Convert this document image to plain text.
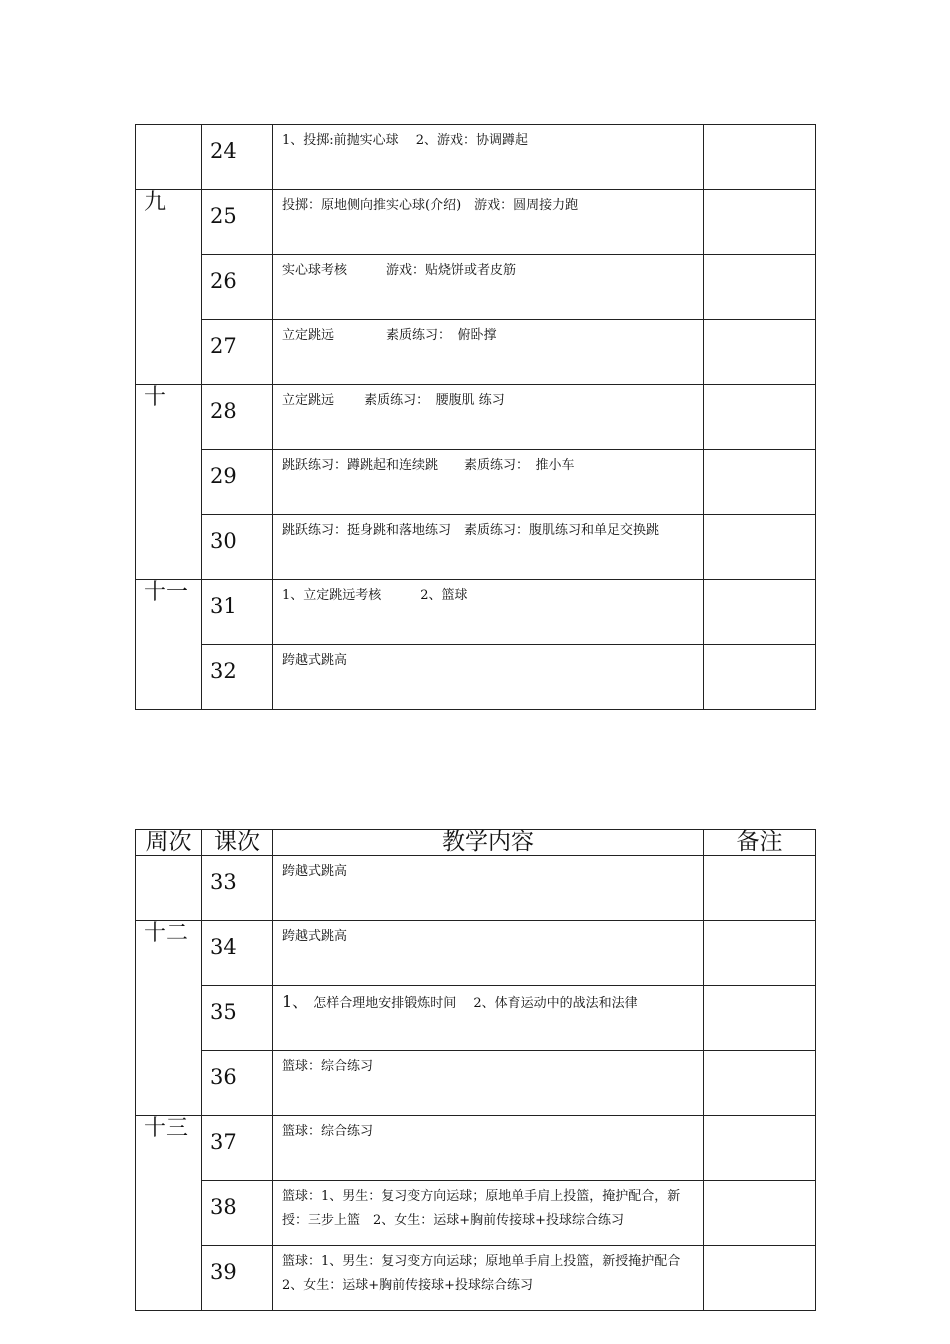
	24	1、投掷:前抛实心球　 2、游戏：协调蹲起	
九	25	投掷：原地侧向推实心球(介绍)　游戏：圆周接力跑	
	26	实心球考核　　　游戏：贴烧饼或者皮筋	
	27	立定跳远　　　　素质练习：　俯卧撑	
十	28	立定跳远　　 素质练习：　腰腹肌 练习	
	29	跳跃练习：蹲跳起和连续跳　　素质练习：　推小车	
	30	跳跃练习：挺身跳和落地练习　素质练习：腹肌练习和单足交换跳	
十一	31	1、立定跳远考核　　　2、篮球	
	32	跨越式跳高	
周次	课次	教学内容	备注
	33	跨越式跳高	
十二	34	跨越式跳高	
	35	1、　怎样合理地安排锻炼时间　 2、体育运动中的战法和法律	
	36	篮球：综合练习	
十三	37	篮球：综合练习	
	38	篮球：1、男生：复习变方向运球；原地单手肩上投篮，掩护配合，新授：三步上篮　2、女生：运球+胸前传接球+投球综合练习	
	39	篮球：1、男生：复习变方向运球；原地单手肩上投篮，新授掩护配合 2、女生：运球+胸前传接球+投球综合练习	
